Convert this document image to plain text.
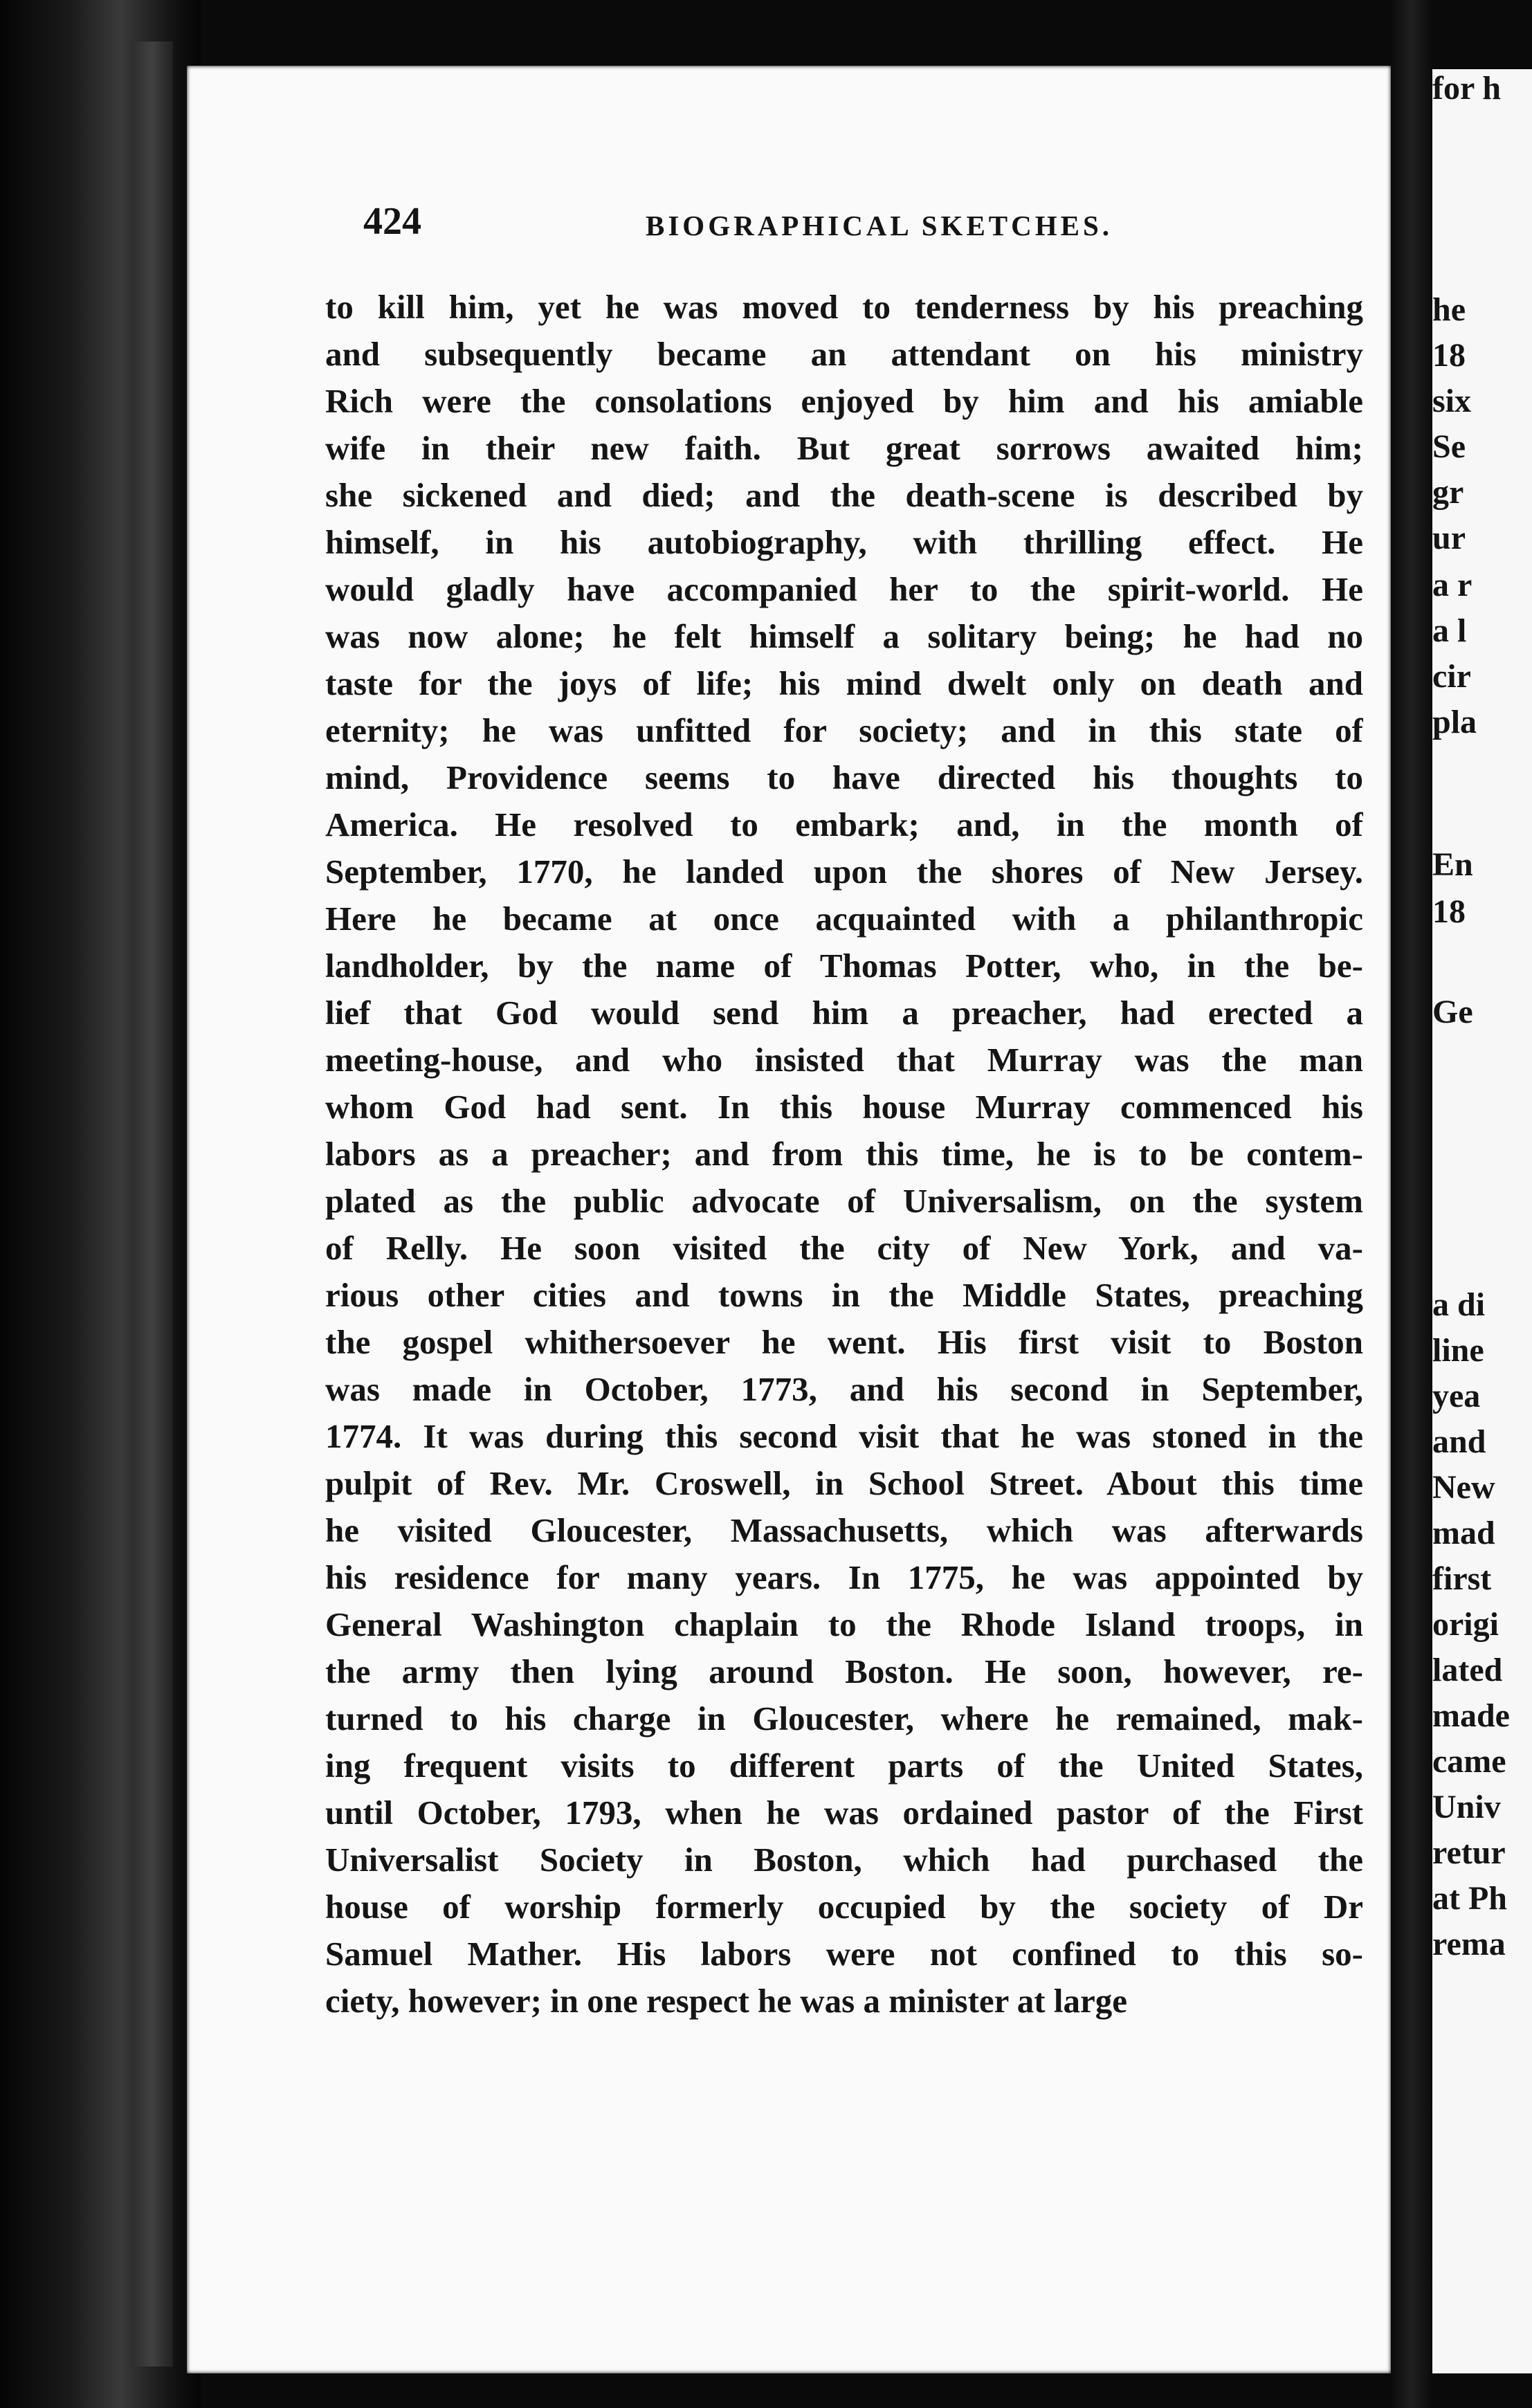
424	BIOGRAPHICAL SKETCHES.
to kill him, yet he was moved to tenderness by his preaching
and subsequently became an attendant on his ministry
Rich were the consolations enjoyed by him and his amiable
wife in their new faith. But great sorrows awaited him;
she sickened and died; and the death-scene is described by
himself, in his autobiography, with thrilling effect. He
would gladly have accompanied her to the spirit-world. He
was now alone; he felt himself a solitary being; he had no
taste for the joys of life; his mind dwelt only on death and
eternity; he was unfitted for society; and in this state of
mind, Providence seems to have directed his thoughts to
America. He resolved to embark; and, in the month of
September, 1770, he landed upon the shores of New Jersey.
Here he became at once acquainted with a philanthropic
landholder, by the name of Thomas Potter, who, in the be-
lief that God would send him a preacher, had erected a
meeting-house, and who insisted that Murray was the man
whom God had sent. In this house Murray commenced his
labors as a preacher; and from this time, he is to be contem-
plated as the public advocate of Universalism, on the system
of Relly. He soon visited the city of New York, and va-
rious other cities and towns in the Middle States, preaching
the gospel whithersoever he went. His first visit to Boston
was made in October, 1773, and his second in September,
1774. It was during this second visit that he was stoned in the
pulpit of Rev. Mr. Croswell, in School Street. About this time
he visited Gloucester, Massachusetts, which was afterwards
his residence for many years. In 1775, he was appointed by
General Washington chaplain to the Rhode Island troops, in
the army then lying around Boston. He soon, however, re-
turned to his charge in Gloucester, where he remained, mak-
ing frequent visits to different parts of the United States,
until October, 1793, when he was ordained pastor of the First
Universalist Society in Boston, which had purchased the
house of worship formerly occupied by the society of Dr
Samuel Mather. His labors were not confined to this so-
ciety, however; in one respect he was a minister at large
he
18
six
Se
gr
ur
a r
a l
cir
pla
En
18
Ge
a di
line
yea
and
New
mad
first
origi
lated
made
came
Univ
retur
at Ph
rema
for h
